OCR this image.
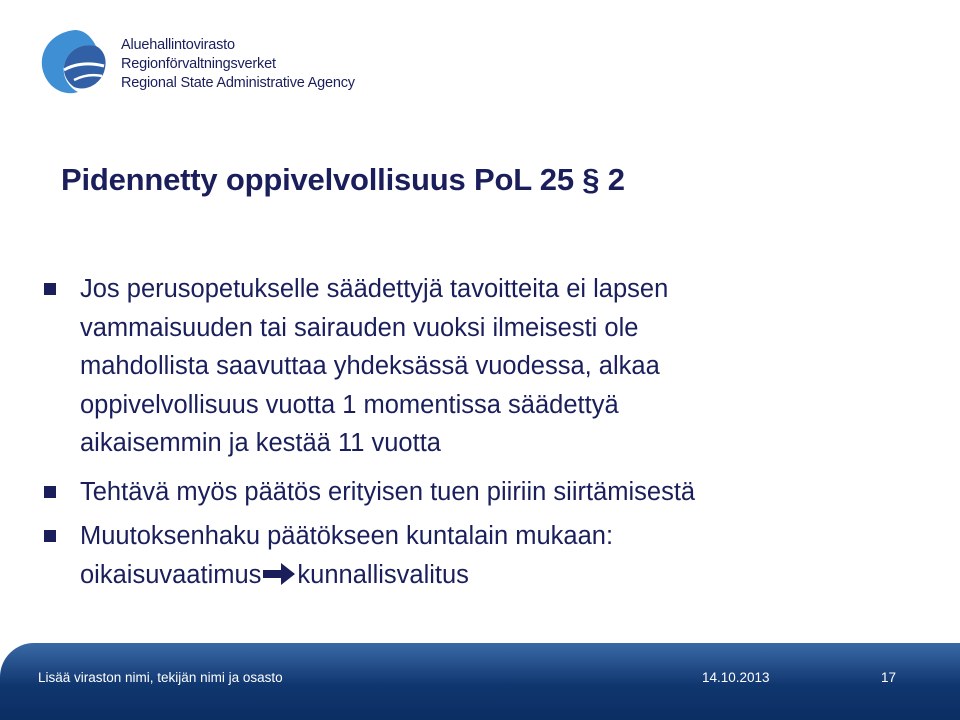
Aluehallintovirasto
Regionförvaltningsverket
Regional State Administrative Agency
Pidennetty oppivelvollisuus PoL 25 § 2
Jos perusopetukselle säädettyjä tavoitteita ei lapsen
vammaisuuden tai sairauden vuoksi ilmeisesti ole
mahdollista saavuttaa yhdeksässä vuodessa, alkaa
oppivelvollisuus vuotta 1 momentissa säädettyä
aikaisemmin ja kestää 11 vuotta
Tehtävä myös päätös erityisen tuen piiriin siirtämisestä
Muutoksenhaku päätökseen kuntalain mukaan:
oikaisuvaatimus kunnallisvalitus
Lisää viraston nimi, tekijän nimi ja osasto	14.10.2013	17
